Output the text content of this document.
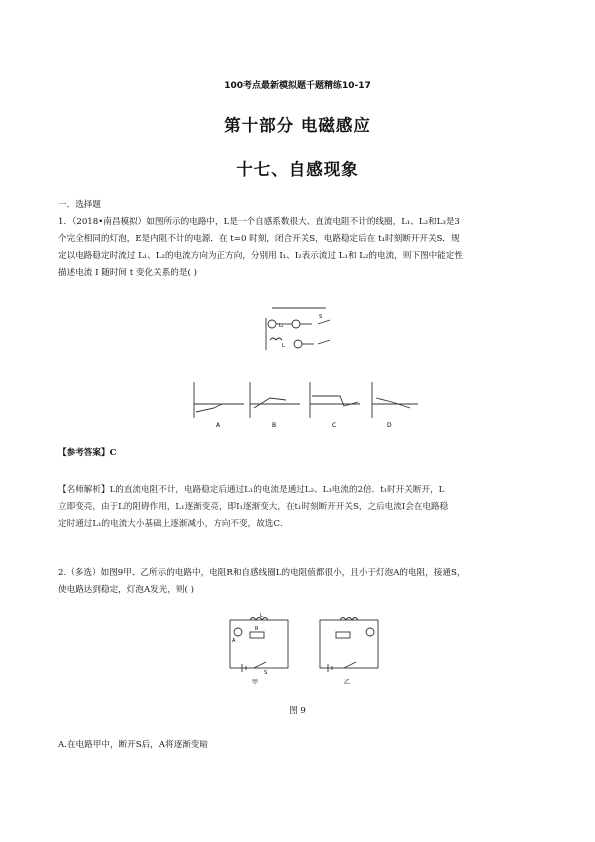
100考点最新模拟题千题精练10-17
第十部分 电磁感应
十七、自感现象
一．选择题

1．（2018•南昌模拟）如图所示的电路中，L是一个自感系数很大、直流电阻不计的线圈，L₁、L₂和L₃是3

个完全相同的灯泡，E是内阻不计的电源．在 t=0 时刻，闭合开关S，电路稳定后在 t₁时刻断开开关S．规

定以电路稳定时流过 L₁、L₂的电流方向为正方向，分别用 I₁、I₂表示流过 L₁和 L₂的电流，则下图中能定性

描述电流 I 随时间 t 变化关系的是( )

L₁
L
S
A	B	C	D
【参考答案】C
【名师解析】L的直流电阻不计，电路稳定后通过L₁的电流是通过L₂、L₃电流的2倍．t₁时开关断开，L
立即变亮，由于L的阻碍作用，L₁逐渐变亮，即I₁逐渐变大，在t₁时刻断开开关S，之后电流I会在电路稳
定时通过L₁的电流大小基础上逐渐减小，方向不变，故选C．
2.（多选）如图9甲、乙所示的电路中，电阻R和自感线圈L的电阻值都很小，且小于灯泡A的电阻，接通S，
使电路达到稳定，灯泡A发光，则( )
L
R
A
S
甲	乙
图 9
A.在电路甲中，断开S后，A将逐渐变暗
